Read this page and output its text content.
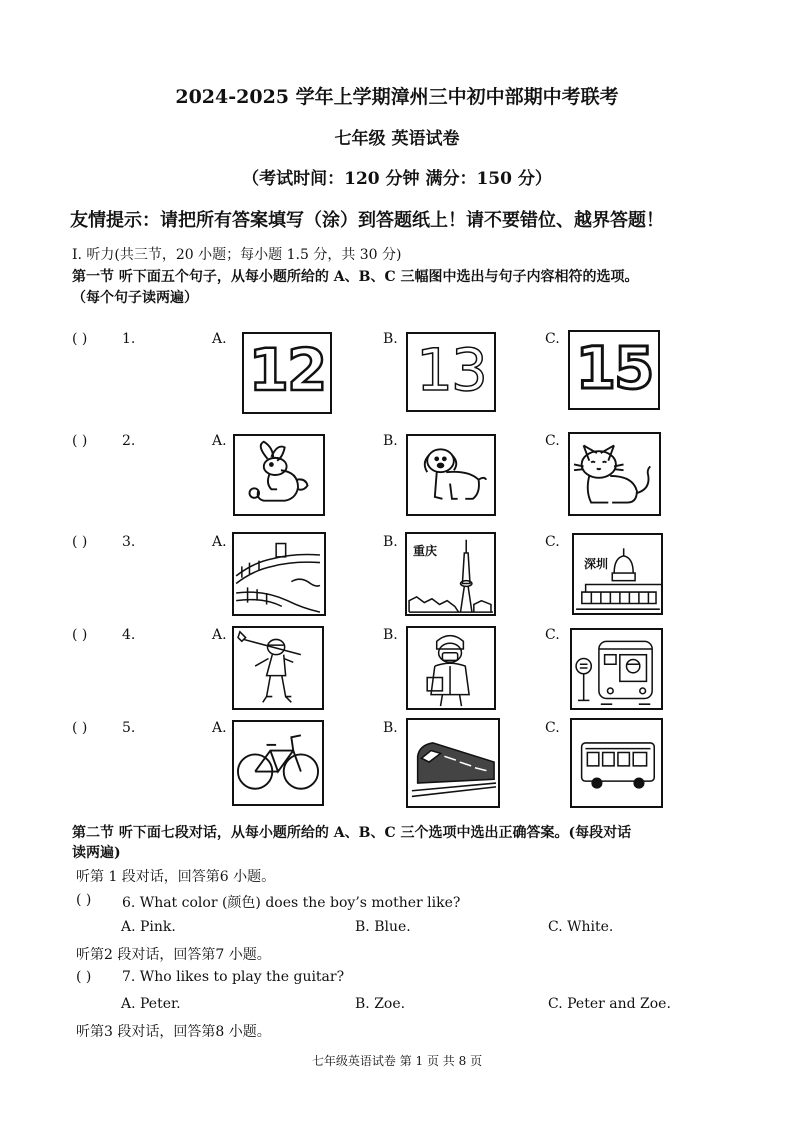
2024-2025 学年上学期漳州三中初中部期中考联考
七年级 英语试卷
（考试时间：120 分钟 满分：150 分）
友情提示：请把所有答案填写（涂）到答题纸上！请不要错位、越界答题！
I. 听力(共三节，20 小题；每小题 1.5 分，共 30 分)
第一节 听下面五个句子，从每小题所给的 A、B、C 三幅图中选出与句子内容相符的选项。
（每个句子读两遍）
( ) 1.	A.	B.	C.
12 13 15
( ) 2.	A.	B.	C.
( ) 3.	A.	B.	C.
重庆
深圳
( ) 4.	A.	B.	C.
( ) 5.	A.	B.	C.
第二节 听下面七段对话，从每小题所给的 A、B、C 三个选项中选出正确答案。(每段对话
读两遍)
听第 1 段对话，回答第6 小题。
( ) 6. What color (颜色) does the boy’s mother like?
A. Pink.	B. Blue.	C. White.
听第2 段对话，回答第7 小题。
( ) 7. Who likes to play the guitar?
A. Peter.	B. Zoe.	C. Peter and Zoe.
听第3 段对话，回答第8 小题。
七年级英语试卷 第 1 页 共 8 页
